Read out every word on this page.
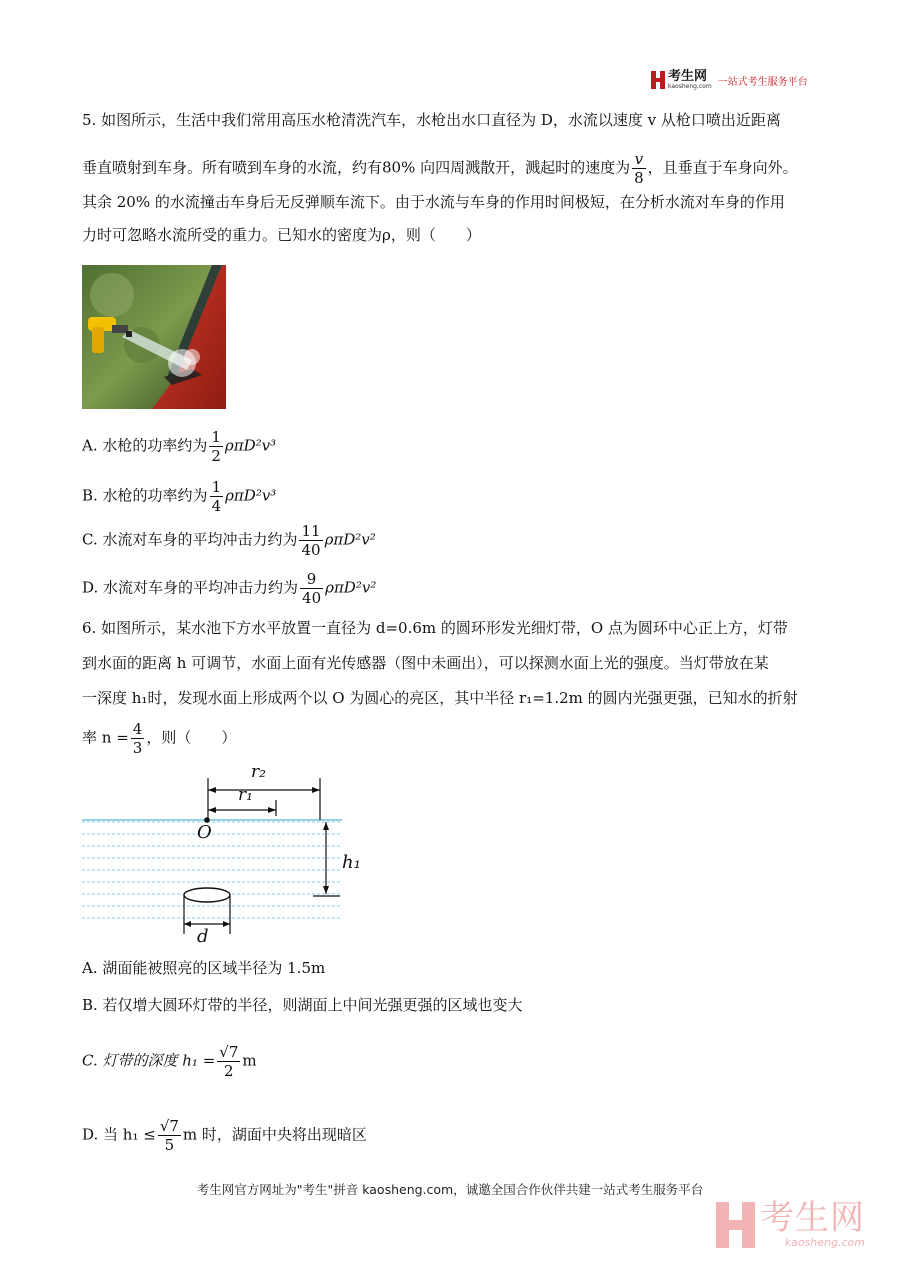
考生网
kaosheng.com 一站式考生服务平台
5. 如图所示，生活中我们常用高压水枪清洗汽车，水枪出水口直径为 D，水流以速度 v 从枪口喷出近距离
垂直喷射到车身。所有喷到车身的水流，约有80% 向四周溅散开，溅起时的速度为 $\frac{v}{8}$ ，且垂直于车身向外。
其余 20% 的水流撞击车身后无反弹顺车流下。由于水流与车身的作用时间极短，在分析水流对车身的作用
力时可忽略水流所受的重力。已知水的密度为ρ，则（　　）
A. 水枪的功率约为 $\frac{1}{2} \rho\pi D^2v^3$
B. 水枪的功率约为 $\frac{1}{4} \rho\pi D^2v^3$
C. 水流对车身的平均冲击力约为 $\frac{11}{40} \rho\pi D^2v^2$
D. 水流对车身的平均冲击力约为 $\frac{9}{40} \rho\pi D^2v^2$
6. 如图所示，某水池下方水平放置一直径为 d=0.6m 的圆环形发光细灯带，O 点为圆环中心正上方，灯带
到水面的距离 h 可调节，水面上面有光传感器（图中未画出），可以探测水面上光的强度。当灯带放在某
一深度 h₁时，发现水面上形成两个以 O 为圆心的亮区，其中半径 r₁=1.2m 的圆内光强更强，已知水的折射
率 $n = \frac{4}{3}$ ，则（　　）
r₂
r₁
O
h₁
d
A. 湖面能被照亮的区域半径为 1.5m
B. 若仅增大圆环灯带的半径，则湖面上中间光强更强的区域也变大
C. 灯带的深度 $h_1 = \frac{√7}{2}$ m
D. 当 $h_1 \le \frac{√7}{5}$ m 时，湖面中央将出现暗区
考生网官方网址为"考生"拼音 kaosheng.com，诚邀全国合作伙伴共建一站式考生服务平台
考生网
kaosheng.com
